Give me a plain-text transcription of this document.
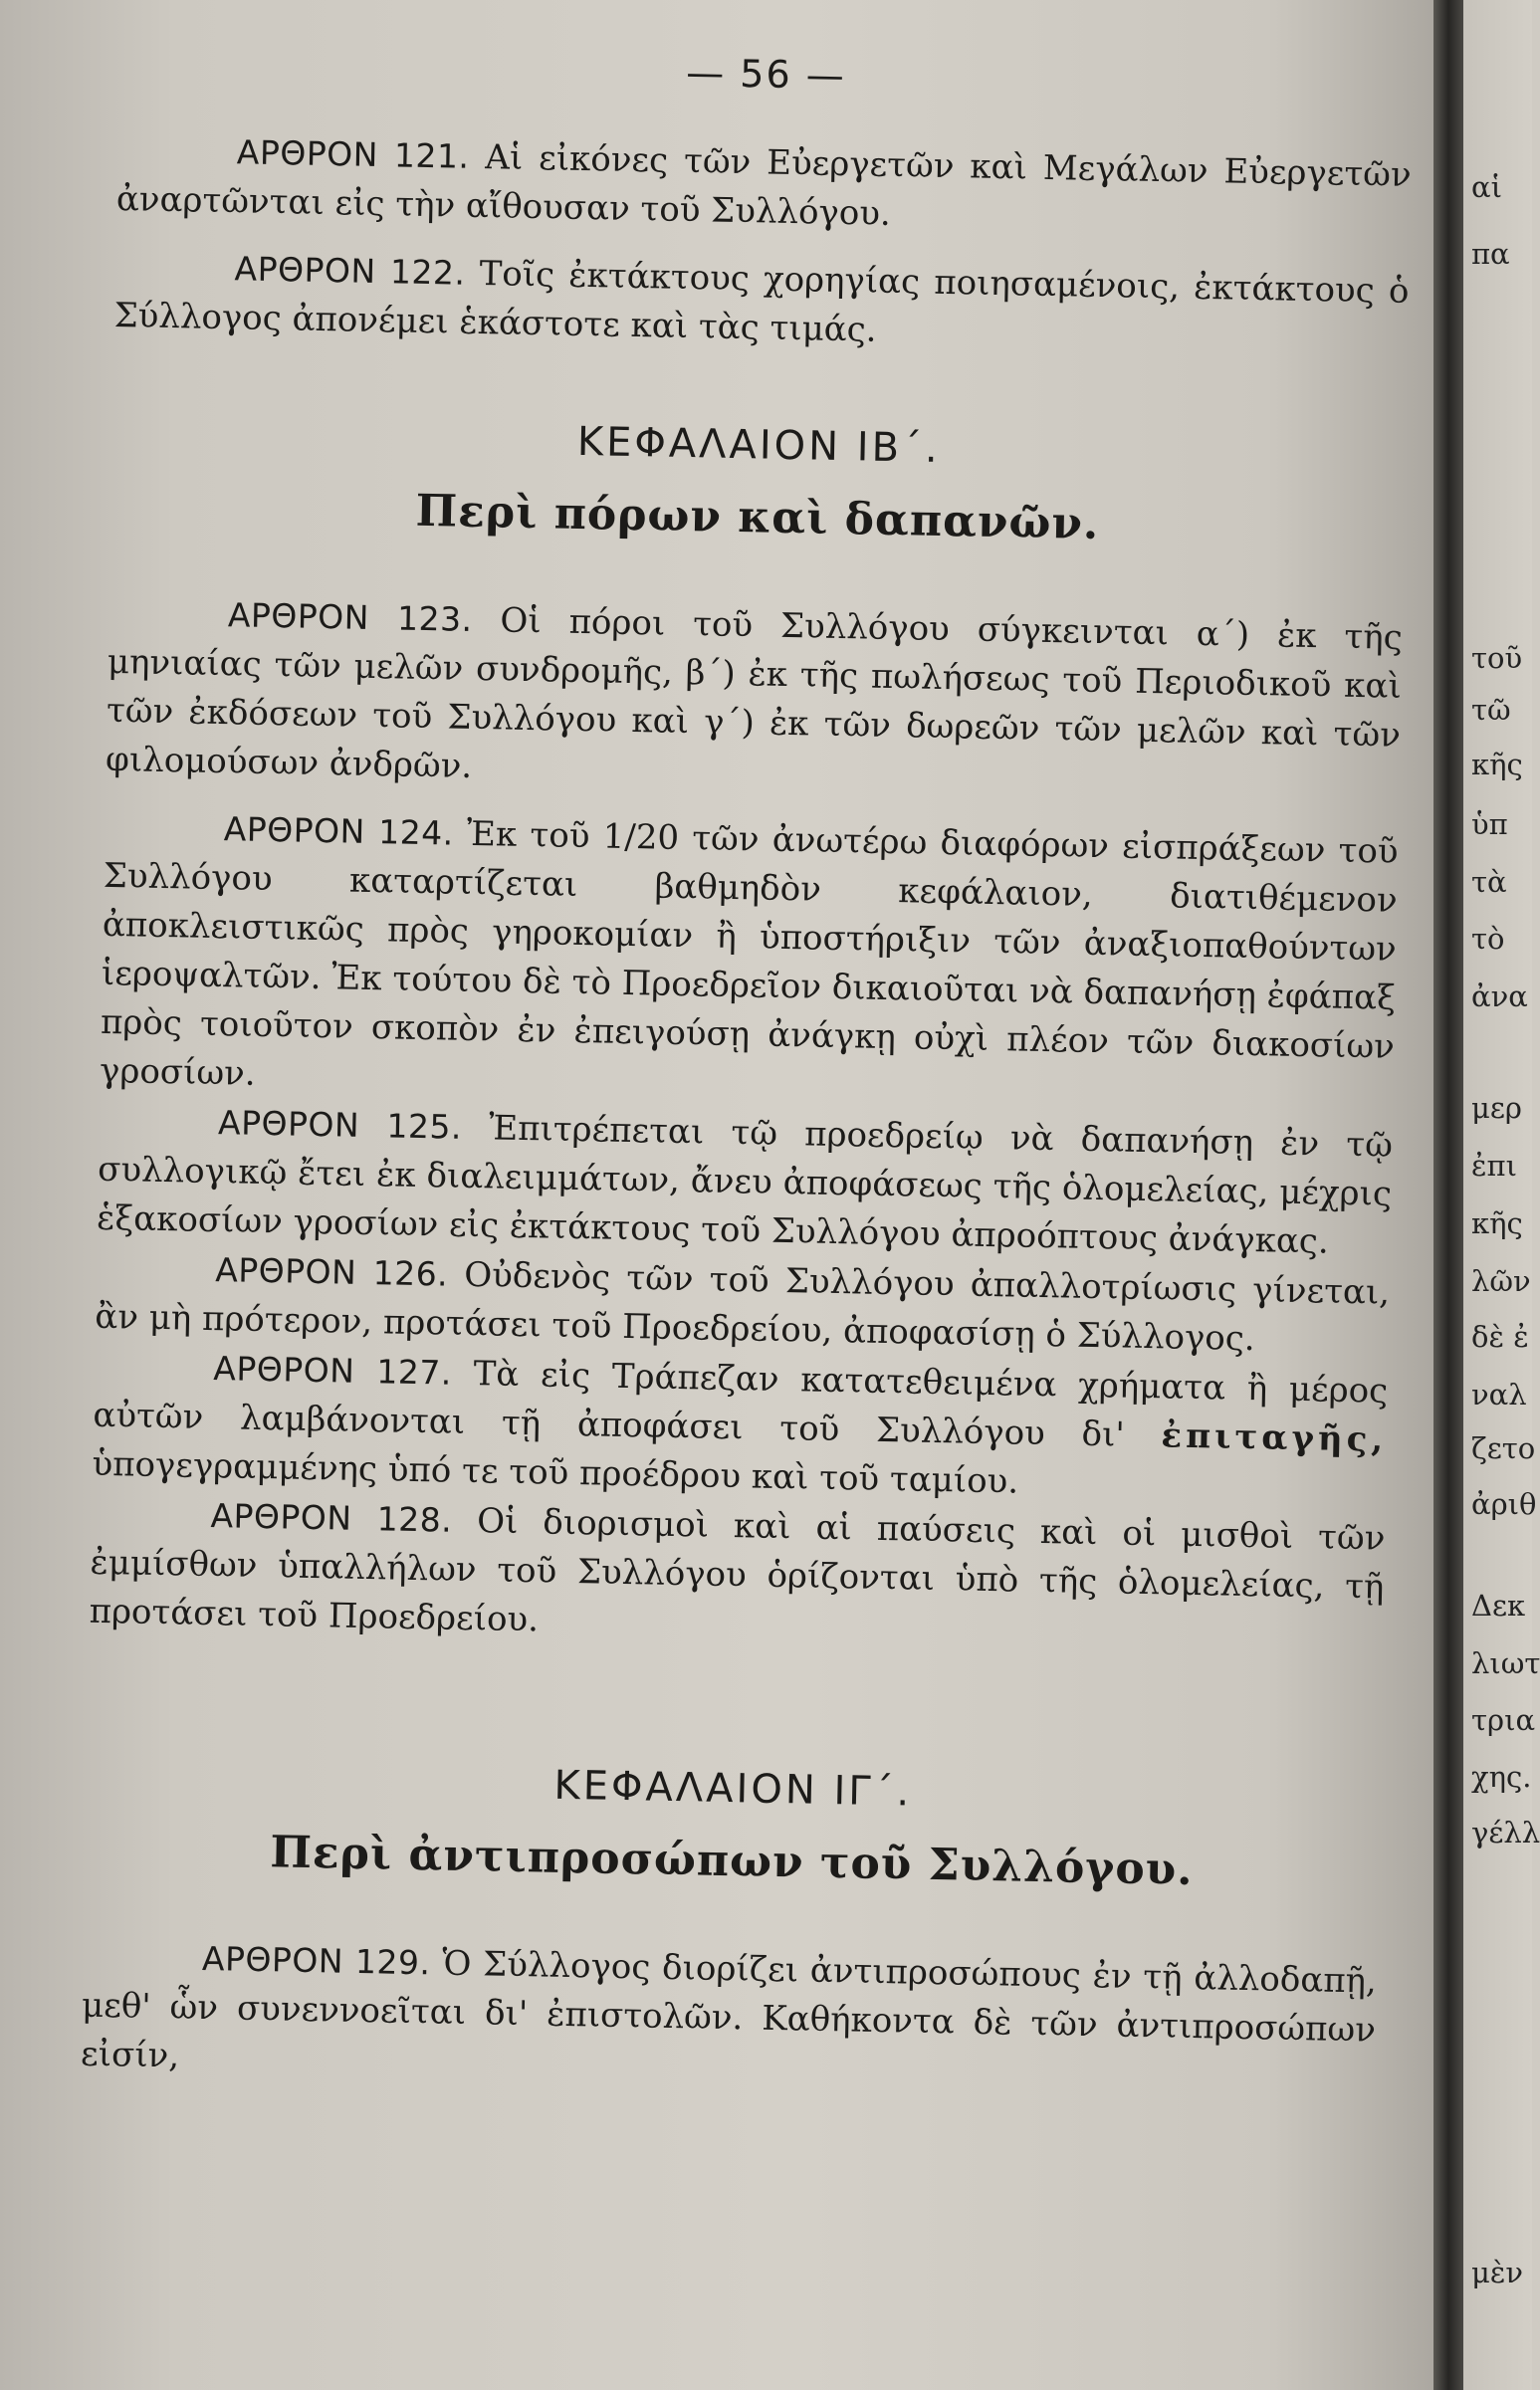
— 56 —

ΑΡΘΡΟΝ 121. Αἱ εἰκόνες τῶν Εὐεργετῶν καὶ Μεγάλων Εὐεργετῶν ἀναρτῶνται εἰς τὴν αἴθουσαν τοῦ Συλλόγου.

ΑΡΘΡΟΝ 122. Τοῖς ἐκτάκτους χορηγίας ποιησαμένοις, ἐκτάκτους ὁ Σύλλογος ἀπονέμει ἑκάστοτε καὶ τὰς τιμάς.

ΚΕΦΑΛΑΙΟΝ ΙΒ΄.
Περὶ πόρων καὶ δαπανῶν.

ΑΡΘΡΟΝ 123. Οἱ πόροι τοῦ Συλλόγου σύγκεινται α΄) ἐκ τῆς μηνιαίας τῶν μελῶν συνδρομῆς, β΄) ἐκ τῆς πωλήσεως τοῦ Περιοδικοῦ καὶ τῶν ἐκδόσεων τοῦ Συλλόγου καὶ γ΄) ἐκ τῶν δωρεῶν τῶν μελῶν καὶ τῶν φιλομούσων ἀνδρῶν.

ΑΡΘΡΟΝ 124. Ἐκ τοῦ 1/20 τῶν ἀνωτέρω διαφόρων εἰσπράξεων τοῦ Συλλόγου καταρτίζεται βαθμηδὸν κεφάλαιον, διατιθέμενον ἀποκλειστικῶς πρὸς γηροκομίαν ἢ ὑποστήριξιν τῶν ἀναξιοπαθούντων ἱεροψαλτῶν. Ἐκ τούτου δὲ τὸ Προεδρεῖον δικαιοῦται νὰ δαπανήσῃ ἐφάπαξ πρὸς τοιοῦτον σκοπὸν ἐν ἐπειγούσῃ ἀνάγκῃ οὐχὶ πλέον τῶν διακοσίων γροσίων.

ΑΡΘΡΟΝ 125. Ἐπιτρέπεται τῷ προεδρείῳ νὰ δαπανήσῃ ἐν τῷ συλλογικῷ ἔτει ἐκ διαλειμμάτων, ἄνευ ἀποφάσεως τῆς ὁλομελείας, μέχρις ἑξακοσίων γροσίων εἰς ἐκτάκτους τοῦ Συλλόγου ἀπροόπτους ἀνάγκας.

ΑΡΘΡΟΝ 126. Οὐδενὸς τῶν τοῦ Συλλόγου ἀπαλλοτρίωσις γίνεται, ἂν μὴ πρότερον, προτάσει τοῦ Προεδρείου, ἀποφασίσῃ ὁ Σύλλογος.

ΑΡΘΡΟΝ 127. Τὰ εἰς Τράπεζαν κατατεθειμένα χρήματα ἢ μέρος αὐτῶν λαμβάνονται τῇ ἀποφάσει τοῦ Συλλόγου δι' ἐπιταγῆς, ὑπογεγραμμένης ὑπό τε τοῦ προέδρου καὶ τοῦ ταμίου.

ΑΡΘΡΟΝ 128. Οἱ διορισμοὶ καὶ αἱ παύσεις καὶ οἱ μισθοὶ τῶν ἐμμίσθων ὑπαλλήλων τοῦ Συλλόγου ὁρίζονται ὑπὸ τῆς ὁλομελείας, τῇ προτάσει τοῦ Προεδρείου.

ΚΕΦΑΛΑΙΟΝ ΙΓ΄.
Περὶ ἀντιπροσώπων τοῦ Συλλόγου.

ΑΡΘΡΟΝ 129. Ὁ Σύλλογος διορίζει ἀντιπροσώπους ἐν τῇ ἀλλοδαπῇ, μεθ' ὧν συνεννοεῖται δι' ἐπιστολῶν. Καθήκοντα δὲ τῶν ἀντιπροσώπων εἰσίν,

αἱ
πα
τοῦ
τῶ
κῆς
ὑπ
τὰ
τὸ
ἀνα
μερ
ἐπι
κῆς
λῶν
δὲ ἐ
ναλ
ζετο
ἀριθ
Δεκ
λιωτ
τρια
χης.
γέλλ
μὲν
